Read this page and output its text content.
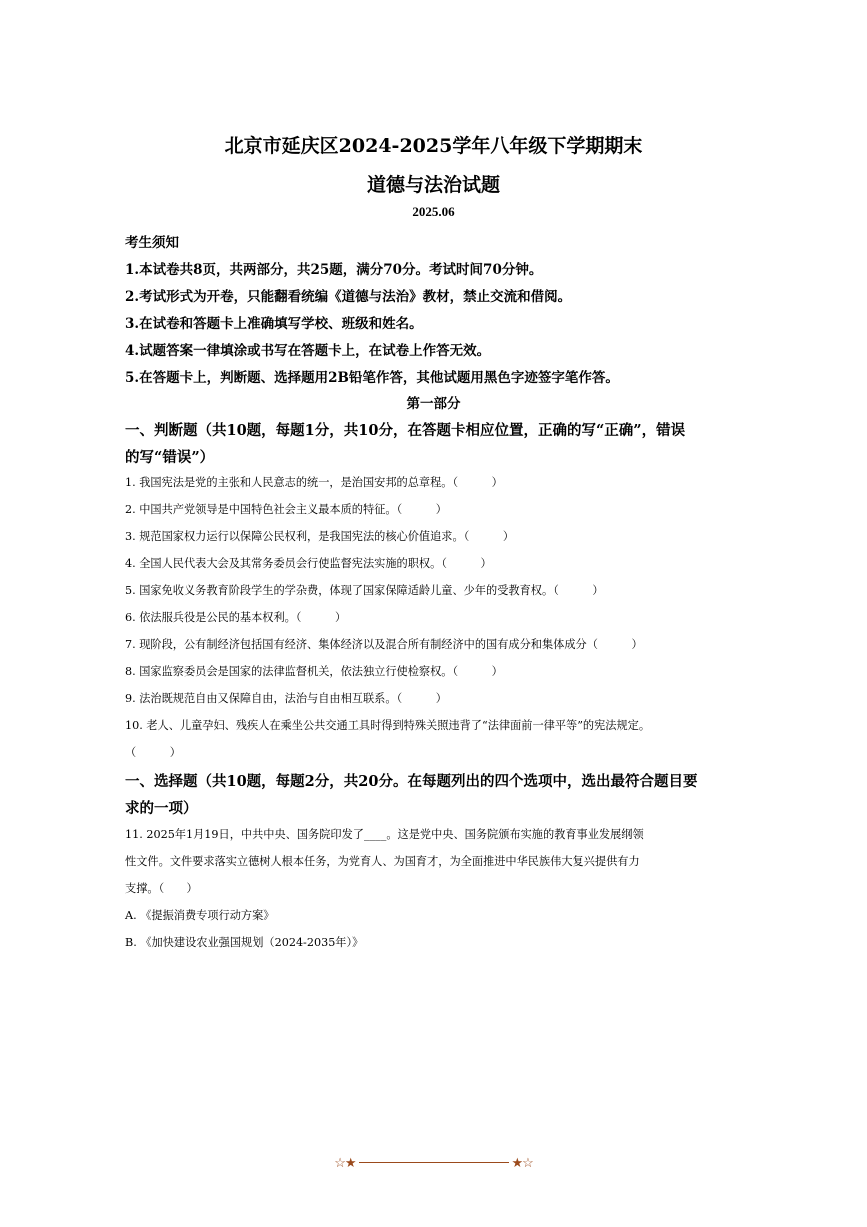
北京市延庆区2024-2025学年八年级下学期期末
道德与法治试题
2025.06
考生须知
1.本试卷共8页，共两部分，共25题，满分70分。考试时间70分钟。
2.考试形式为开卷，只能翻看统编《道德与法治》教材，禁止交流和借阅。
3.在试卷和答题卡上准确填写学校、班级和姓名。
4.试题答案一律填涂或书写在答题卡上，在试卷上作答无效。
5.在答题卡上，判断题、选择题用2B铅笔作答，其他试题用黑色字迹签字笔作答。
第一部分
一、判断题（共10题，每题1分，共10分，在答题卡相应位置，正确的写“正确”，错误
的写“错误”）
1. 我国宪法是党的主张和人民意志的统一，是治国安邦的总章程。（　　　）
2. 中国共产党领导是中国特色社会主义最本质的特征。（　　　）
3. 规范国家权力运行以保障公民权利，是我国宪法的核心价值追求。（　　　）
4. 全国人民代表大会及其常务委员会行使监督宪法实施的职权。（　　　）
5. 国家免收义务教育阶段学生的学杂费，体现了国家保障适龄儿童、少年的受教育权。（　　　）
6. 依法服兵役是公民的基本权利。（　　　）
7. 现阶段，公有制经济包括国有经济、集体经济以及混合所有制经济中的国有成分和集体成分（　　　）
8. 国家监察委员会是国家的法律监督机关，依法独立行使检察权。（　　　）
9. 法治既规范自由又保障自由，法治与自由相互联系。（　　　）
10. 老人、儿童孕妇、残疾人在乘坐公共交通工具时得到特殊关照违背了“法律面前一律平等”的宪法规定。
（　　　）
一、选择题（共10题，每题2分，共20分。在每题列出的四个选项中，选出最符合题目要
求的一项）
11. 2025年1月19日，中共中央、国务院印发了____。这是党中央、国务院颁布实施的教育事业发展纲领
性文件。文件要求落实立德树人根本任务，为党育人、为国育才，为全面推进中华民族伟大复兴提供有力
支撑。（　　）
A. 《提振消费专项行动方案》
B. 《加快建设农业强国规划（2024-2035年）》
☆★	★☆
